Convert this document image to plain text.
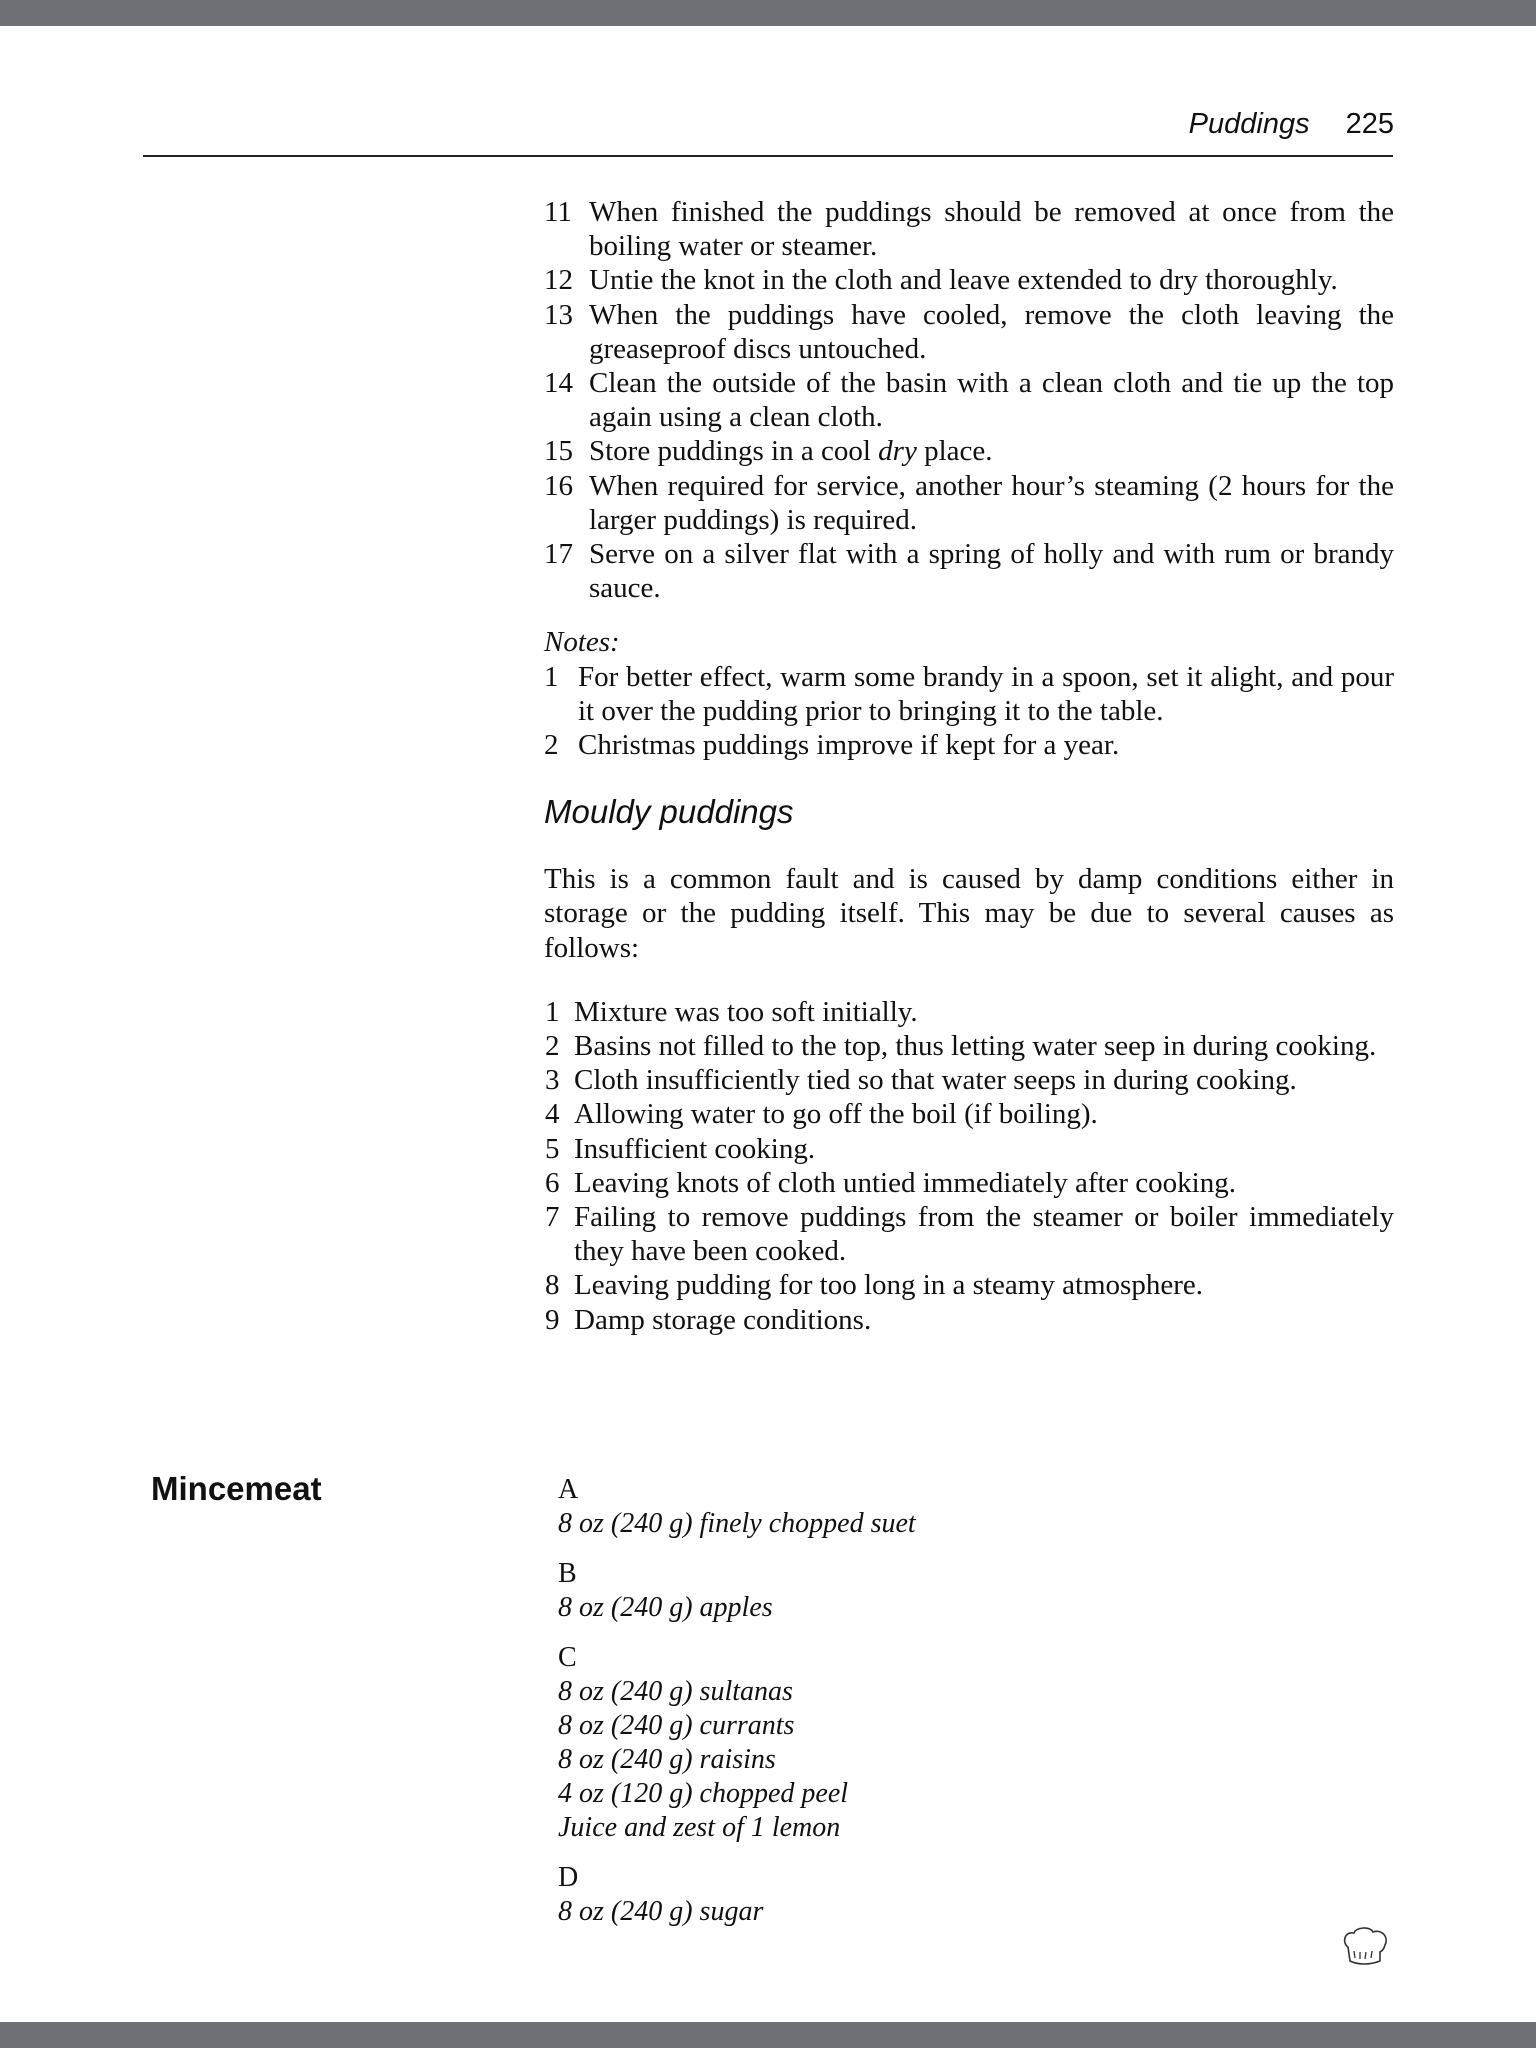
Puddings 225
11 When finished the puddings should be removed at once from the boiling water or steamer.
12 Untie the knot in the cloth and leave extended to dry thoroughly.
13 When the puddings have cooled, remove the cloth leaving the greaseproof discs untouched.
14 Clean the outside of the basin with a clean cloth and tie up the top again using a clean cloth.
15 Store puddings in a cool dry place.
16 When required for service, another hour’s steaming (2 hours for the larger puddings) is required.
17 Serve on a silver flat with a spring of holly and with rum or brandy sauce.
Notes:
1 For better effect, warm some brandy in a spoon, set it alight, and pour it over the pudding prior to bringing it to the table.
2 Christmas puddings improve if kept for a year.
Mouldy puddings
This is a common fault and is caused by damp conditions either in storage or the pudding itself. This may be due to several causes as follows:
1 Mixture was too soft initially.
2 Basins not filled to the top, thus letting water seep in during cooking.
3 Cloth insufficiently tied so that water seeps in during cooking.
4 Allowing water to go off the boil (if boiling).
5 Insufficient cooking.
6 Leaving knots of cloth untied immediately after cooking.
7 Failing to remove puddings from the steamer or boiler immediately they have been cooked.
8 Leaving pudding for too long in a steamy atmosphere.
9 Damp storage conditions.
Mincemeat	A
8 oz (240 g) finely chopped suet
B
8 oz (240 g) apples
C
8 oz (240 g) sultanas
8 oz (240 g) currants
8 oz (240 g) raisins
4 oz (120 g) chopped peel
Juice and zest of 1 lemon
D
8 oz (240 g) sugar
